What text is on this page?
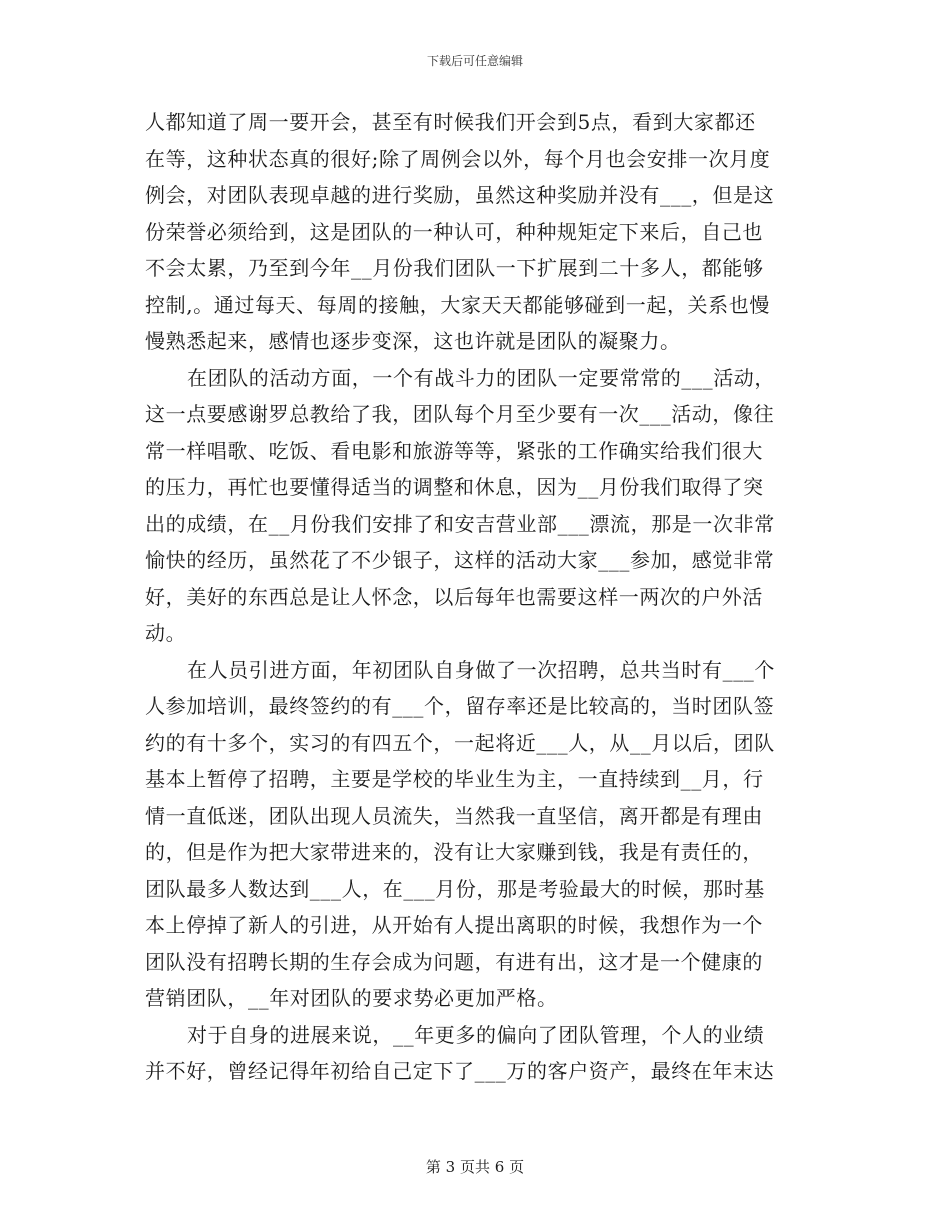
下载后可任意编辑

人都知道了周一要开会，甚至有时候我们开会到5点，看到大家都还
在等，这种状态真的很好;除了周例会以外，每个月也会安排一次月度
例会，对团队表现卓越的进行奖励，虽然这种奖励并没有___，但是这
份荣誉必须给到，这是团队的一种认可，种种规矩定下来后，自己也
不会太累，乃至到今年__月份我们团队一下扩展到二十多人，都能够
控制,。通过每天、每周的接触，大家天天都能够碰到一起，关系也慢
慢熟悉起来，感情也逐步变深，这也许就是团队的凝聚力。

在团队的活动方面，一个有战斗力的团队一定要常常的___活动，
这一点要感谢罗总教给了我，团队每个月至少要有一次___活动，像往
常一样唱歌、吃饭、看电影和旅游等等，紧张的工作确实给我们很大
的压力，再忙也要懂得适当的调整和休息，因为__月份我们取得了突
出的成绩，在__月份我们安排了和安吉营业部___漂流，那是一次非常
愉快的经历，虽然花了不少银子，这样的活动大家___参加，感觉非常
好，美好的东西总是让人怀念，以后每年也需要这样一两次的户外活
动。

在人员引进方面，年初团队自身做了一次招聘，总共当时有___个
人参加培训，最终签约的有___个，留存率还是比较高的，当时团队签
约的有十多个，实习的有四五个，一起将近___人，从__月以后，团队
基本上暂停了招聘，主要是学校的毕业生为主，一直持续到__月，行
情一直低迷，团队出现人员流失，当然我一直坚信，离开都是有理由
的，但是作为把大家带进来的，没有让大家赚到钱，我是有责任的，
团队最多人数达到___人，在___月份，那是考验最大的时候，那时基
本上停掉了新人的引进，从开始有人提出离职的时候，我想作为一个
团队没有招聘长期的生存会成为问题，有进有出，这才是一个健康的
营销团队，__年对团队的要求势必更加严格。

对于自身的进展来说，__年更多的偏向了团队管理，个人的业绩
并不好，曾经记得年初给自己定下了___万的客户资产，最终在年末达

第 3 页共 6 页
